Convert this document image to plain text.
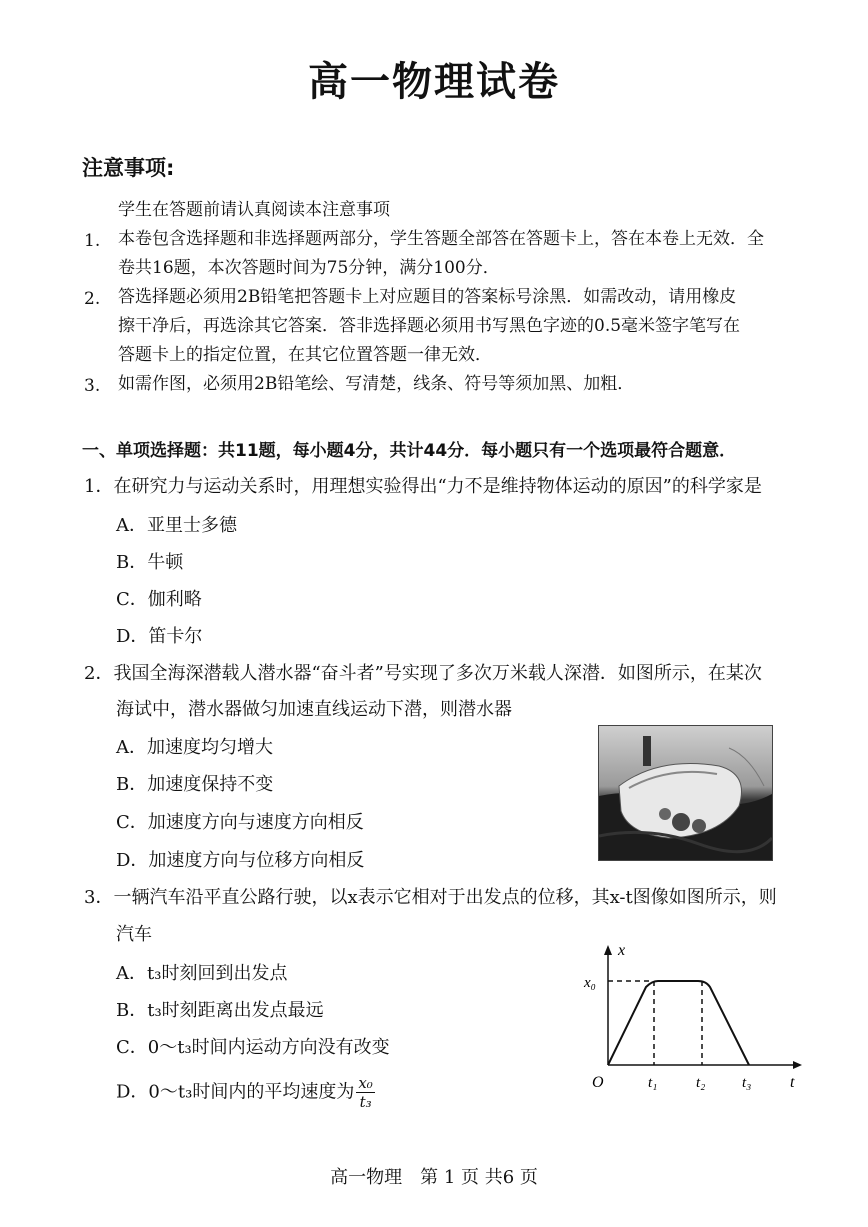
高一物理试卷
注意事项:
学生在答题前请认真阅读本注意事项
1. 本卷包含选择题和非选择题两部分，学生答题全部答在答题卡上，答在本卷上无效．全
卷共16题，本次答题时间为75分钟，满分100分．
2. 答选择题必须用2B铅笔把答题卡上对应题目的答案标号涂黑．如需改动，请用橡皮
擦干净后，再选涂其它答案．答非选择题必须用书写黑色字迹的0.5毫米签字笔写在
答题卡上的指定位置，在其它位置答题一律无效．
3. 如需作图，必须用2B铅笔绘、写清楚，线条、符号等须加黑、加粗．
一、单项选择题：共11题，每小题4分，共计44分．每小题只有一个选项最符合题意．
1．在研究力与运动关系时，用理想实验得出“力不是维持物体运动的原因”的科学家是
A．亚里士多德
B．牛顿
C．伽利略
D．笛卡尔
2．我国全海深潜载人潜水器“奋斗者”号实现了多次万米载人深潜．如图所示，在某次
海试中，潜水器做匀加速直线运动下潜，则潜水器
A．加速度均匀增大
B．加速度保持不变
C．加速度方向与速度方向相反
D．加速度方向与位移方向相反
3．一辆汽车沿平直公路行驶，以x表示它相对于出发点的位移，其x-t图像如图所示，则
汽车
A．t₃时刻回到出发点
B．t₃时刻距离出发点最远
C．0～t₃时间内运动方向没有改变
D．0～t₃时间内的平均速度为 $\frac{\text{x₀}}{\text{t₃}}$
x
t
O
x₀
t₁	t₂ t₃
高一物理　第 1 页 共6 页
